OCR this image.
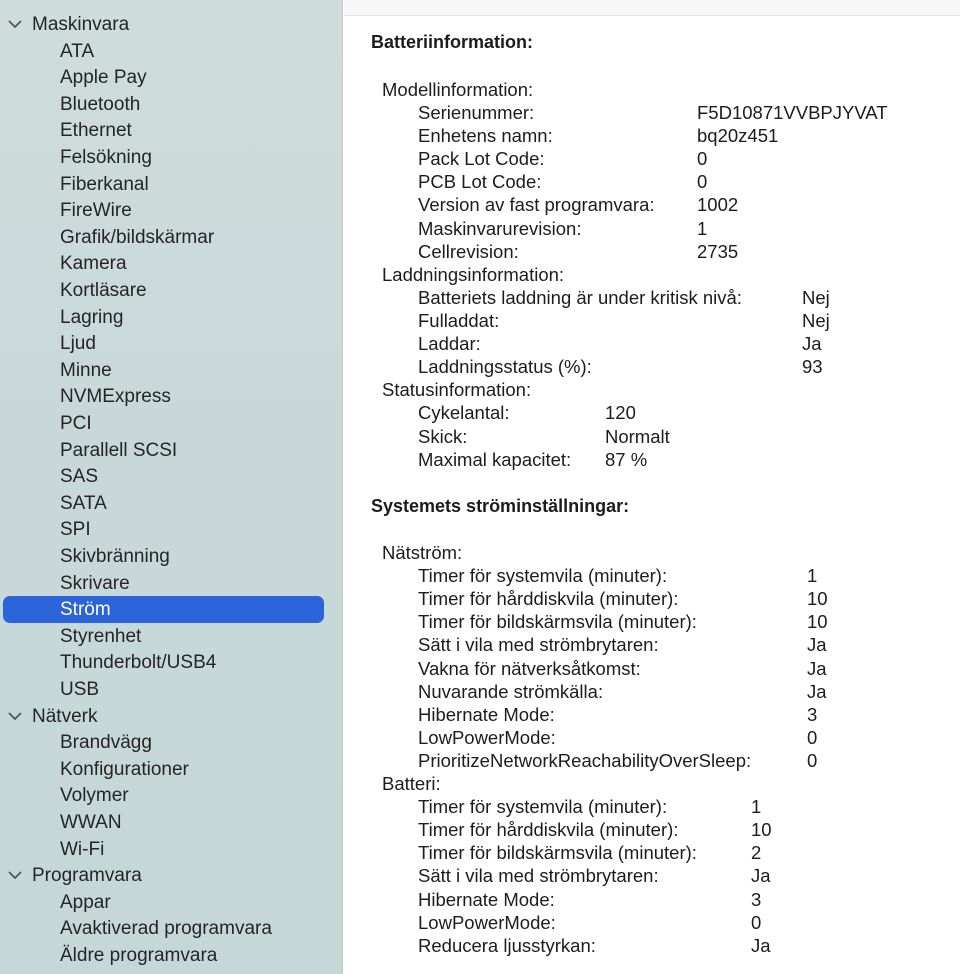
Maskinvara
ATA
Apple Pay
Bluetooth
Ethernet
Felsökning
Fiberkanal
FireWire
Grafik/bildskärmar
Kamera
Kortläsare
Lagring
Ljud
Minne
NVMExpress
PCI
Parallell SCSI
SAS
SATA
SPI
Skivbränning
Skrivare
Ström
Styrenhet
Thunderbolt/USB4
USB
Nätverk
Brandvägg
Konfigurationer
Volymer
WWAN
Wi-Fi
Programvara
Appar
Avaktiverad programvara
Äldre programvara
Batteriinformation:
Modellinformation:
Serienummer:	F5D10871VVBPJYVAT
Enhetens namn:	bq20z451
Pack Lot Code:	0
PCB Lot Code:	0
Version av fast programvara: 1002
Maskinvarurevision:	1
Cellrevision:	2735
Laddningsinformation:
Batteriets laddning är under kritisk nivå:	Nej
Fulladdat:	Nej
Laddar:	Ja
Laddningsstatus (%):	93
Statusinformation:
Cykelantal:	120
Skick:	Normalt
Maximal kapacitet: 87 %
Systemets ströminställningar:
Nätström:
Timer för systemvila (minuter):	1
Timer för hårddiskvila (minuter):	10
Timer för bildskärmsvila (minuter):	10
Sätt i vila med strömbrytaren:	Ja
Vakna för nätverksåtkomst:	Ja
Nuvarande strömkälla:	Ja
Hibernate Mode:	3
LowPowerMode:	0
PrioritizeNetworkReachabilityOverSleep:	0
Batteri:
Timer för systemvila (minuter):	1
Timer för hårddiskvila (minuter):	10
Timer för bildskärmsvila (minuter):	2
Sätt i vila med strömbrytaren:	Ja
Hibernate Mode:	3
LowPowerMode:	0
Reducera ljusstyrkan:	Ja
